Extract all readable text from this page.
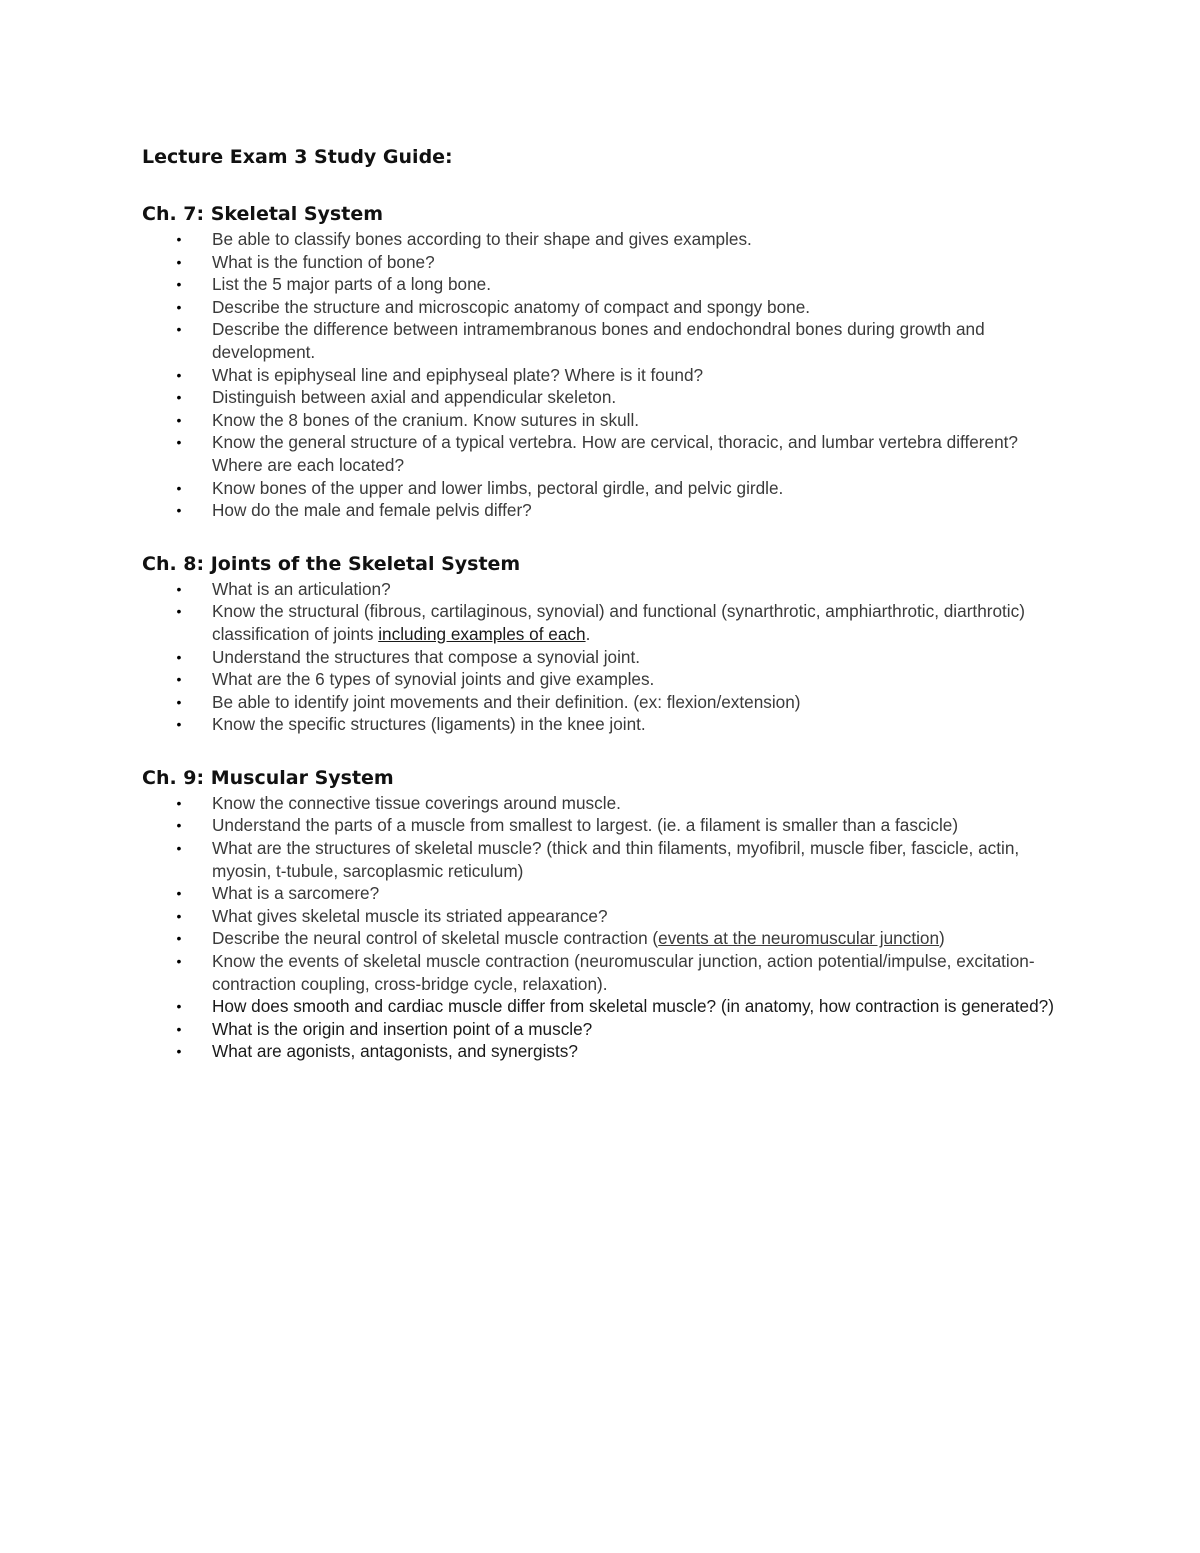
Lecture Exam 3 Study Guide:
Ch. 7: Skeletal System
• Be able to classify bones according to their shape and gives examples.
• What is the function of bone?
• List the 5 major parts of a long bone.
• Describe the structure and microscopic anatomy of compact and spongy bone.
• Describe the difference between intramembranous bones and endochondral bones during growth and development.
• What is epiphyseal line and epiphyseal plate? Where is it found?
• Distinguish between axial and appendicular skeleton.
• Know the 8 bones of the cranium. Know sutures in skull.
• Know the general structure of a typical vertebra. How are cervical, thoracic, and lumbar vertebra different? Where are each located?
• Know bones of the upper and lower limbs, pectoral girdle, and pelvic girdle.
• How do the male and female pelvis differ?
Ch. 8: Joints of the Skeletal System
• What is an articulation?
• Know the structural (fibrous, cartilaginous, synovial) and functional (synarthrotic, amphiarthrotic, diarthrotic) classification of joints including examples of each.
• Understand the structures that compose a synovial joint.
• What are the 6 types of synovial joints and give examples.
• Be able to identify joint movements and their definition. (ex: flexion/extension)
• Know the specific structures (ligaments) in the knee joint.
Ch. 9: Muscular System
• Know the connective tissue coverings around muscle.
• Understand the parts of a muscle from smallest to largest. (ie. a filament is smaller than a fascicle)
• What are the structures of skeletal muscle? (thick and thin filaments, myofibril, muscle fiber, fascicle, actin, myosin, t-tubule, sarcoplasmic reticulum)
• What is a sarcomere?
• What gives skeletal muscle its striated appearance?
• Describe the neural control of skeletal muscle contraction (events at the neuromuscular junction)
• Know the events of skeletal muscle contraction (neuromuscular junction, action potential/impulse, excitation-contraction coupling, cross-bridge cycle, relaxation).
• How does smooth and cardiac muscle differ from skeletal muscle? (in anatomy, how contraction is generated?)
• What is the origin and insertion point of a muscle?
• What are agonists, antagonists, and synergists?
